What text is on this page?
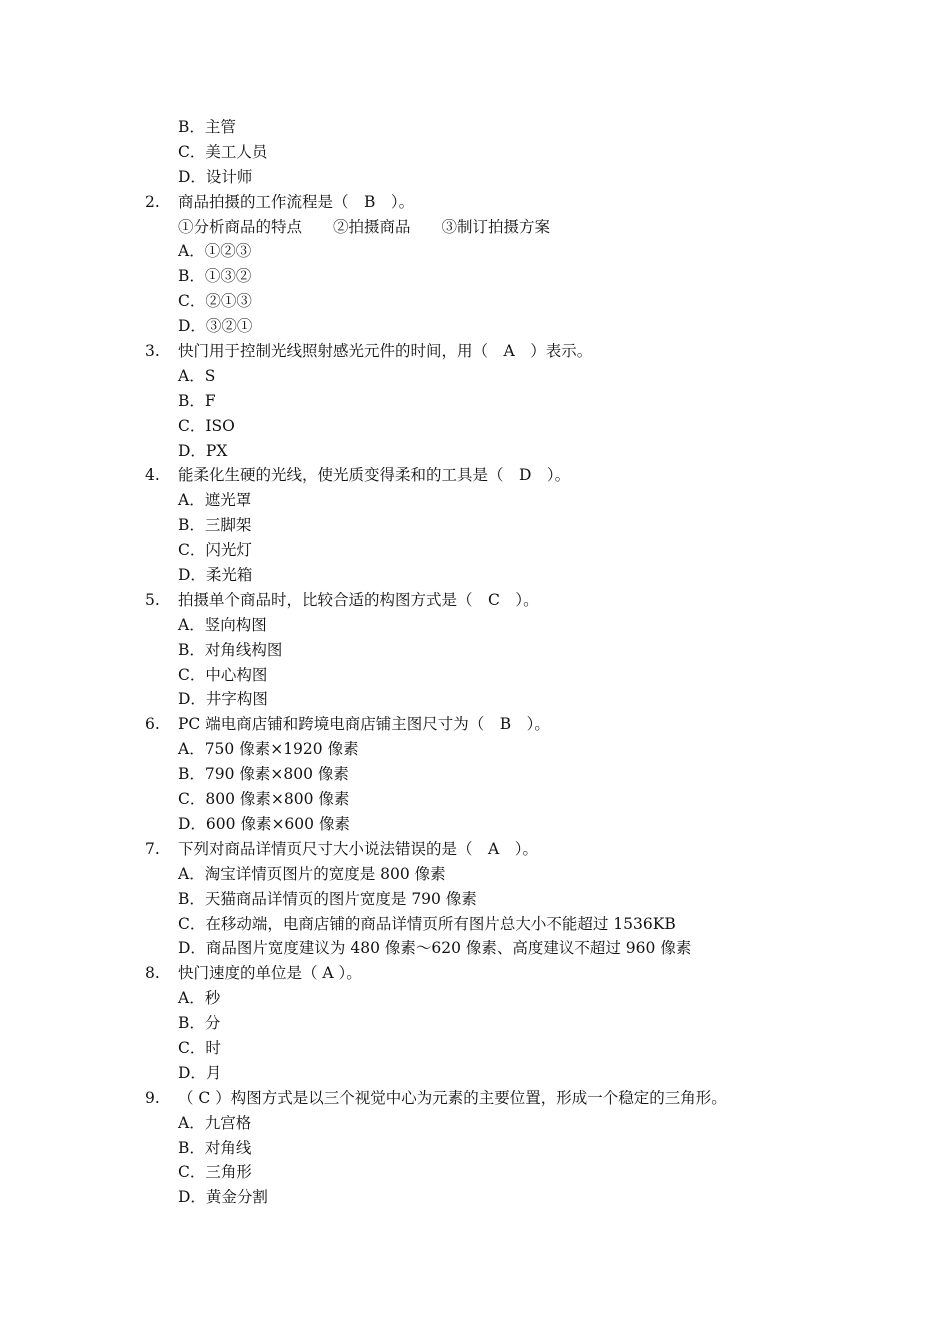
B．主管
C．美工人员
D．设计师
2. 商品拍摄的工作流程是（　B　）。
①分析商品的特点　　②拍摄商品　　③制订拍摄方案
A．①②③
B．①③②
C．②①③
D．③②①
3. 快门用于控制光线照射感光元件的时间，用（　A　）表示。
A．S
B．F
C．ISO
D．PX
4. 能柔化生硬的光线，使光质变得柔和的工具是（　D　）。
A．遮光罩
B．三脚架
C．闪光灯
D．柔光箱
5. 拍摄单个商品时，比较合适的构图方式是（　C　）。
A．竖向构图
B．对角线构图
C．中心构图
D．井字构图
6. PC 端电商店铺和跨境电商店铺主图尺寸为（　B　）。
A．750 像素×1920 像素
B．790 像素×800 像素
C．800 像素×800 像素
D．600 像素×600 像素
7. 下列对商品详情页尺寸大小说法错误的是（　A　）。
A．淘宝详情页图片的宽度是 800 像素
B．天猫商品详情页的图片宽度是 790 像素
C．在移动端，电商店铺的商品详情页所有图片总大小不能超过 1536KB
D．商品图片宽度建议为 480 像素～620 像素、高度建议不超过 960 像素
8. 快门速度的单位是（ A ）。
A．秒
B．分
C．时
D．月
9. （ C ）构图方式是以三个视觉中心为元素的主要位置，形成一个稳定的三角形。
A．九宫格
B．对角线
C．三角形
D．黄金分割
